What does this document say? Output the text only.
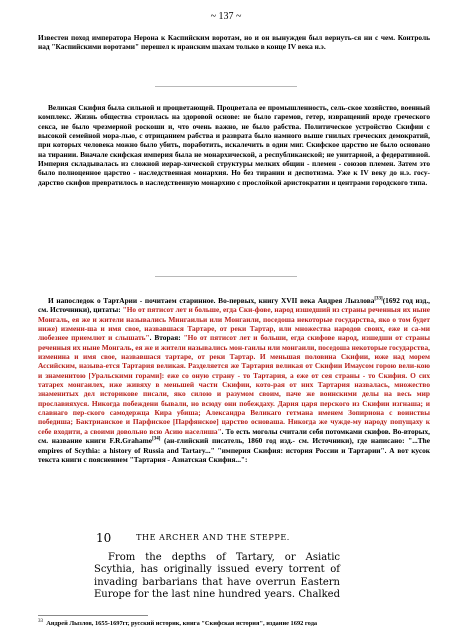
~ 137 ~
Известен поход императора Нерона к Каспийским воротам, но и он вынужден был вернуть-ся ни с чем. Контроль над "Каспийскими воротами" перешел к иранским шахам только в конце IV века н.э.
Великая Скифия была сильной и процветающей. Процветала ее промышленность, сель-ское хозяйство, военный комплекс. Жизнь общества строилась на здоровой основе: не было гаремов, гетер, извращений вроде греческого секса, не было чрезмерной роскоши и, что очень важно, не было рабства. Политическое устройство Скифии с высокой семейной мора-лью, с отрицанием рабства и разврата было намного выше гнилых греческих демократий, при которых человека можно было убить, поработить, искалечить в один миг. Скифское царство не было основано на тирании. Вначале скифская империя была не монархической, а республиканской; не унитарной, а федеративной. Империя складывалась из сложной иерар-хической структуры мелких общин - племен - союзов племен. Затем это было полноценное царство - наследственная монархия. Но без тирании и деспотизма. Уже к IV веку до н.э. госу-дарство скифов превратилось в наследственную монархию с прослойкой аристократии и центрами городского типа.
И напоследок о ТартАрии - почитаем старинное. Во-первых, книгу XVII века Андрея Лызлова[33](1692 год изд., см. Источники), цитаты: "Но от пятисот лет и больше, егда Ски-фове, народ изшедший из страны реченныя их ныне Монгаль, ея же и жители назывались Мингаильи или Монгаили, поседоша некоторые государства, яко о том будет ниже) измени-ша и имя свое, назвавшася Тартаре, от реки Тартар, или множества народов своих, еже и са-ми любезнее приемлют и слышать". Вторая: "Но от пятисот лет и больши, егда скифове народ, изшедши от страны реченныя их ныне Монгаль, ея же и жители назывались мон-гаилы или монгаили, поседоша некоторые государства, изменина и имя свое, назвавшася тартаре, от реки Тартар. И меньшая половина Скифии, юже над морем Ассийским, называ-ется Тартария великая. Разделяется же Тартария великая от Скифии Имаусом горою вели-кою и знаменитою [Уральскими горами]: еже со оную страну - то Тартария, а еже от сея страны - то Скифия. О сих татарех монгаилех, иже живяху в меньшей части Скифии, кото-рая от них Тартария назвалась, множество знаменитых дел историкове писали, яко силою и разумом своим, паче же воинскими делы на весь мир прославияхуся. Никогда побеждени бывали, но всюду они побеждаху. Дария царя перского из Скифии изгнаша; и славнаго пер-ского самодержца Кира убиша; Александра Великаго гетмана именем Зопириона с воинствы победиша; Бактрианское и Парфиское [Парфянское] царство основаша. Никогда же чуждe-му народу попущаху к себе входити, а своими довольно всю Асию населиша". То есть моголы считали себя потомками скифов. Во-вторых, см. название книги F.R.Grahame[34] (ан-глийский писатель, 1860 год изд.- см. Источники), где написано: "...The empires of Scythia: a history of Russia and Tartary..." "империя Скифия: история России и Тартарии". А вот кусок текста книги с пояснением "Тартария - Азиатская Скифия...":
10	THE ARCHER AND THE STEPPE.
From the depths of Tartary, or Asiatic Scythia, has originally issued every torrent of invading barbarians that have overrun Eastern Europe for the last nine hundred years. Chalked
$^{33}$ Андрей Лызлов, 1655-1697гг, русский историк, книга "Скифская история", издание 1692 года
